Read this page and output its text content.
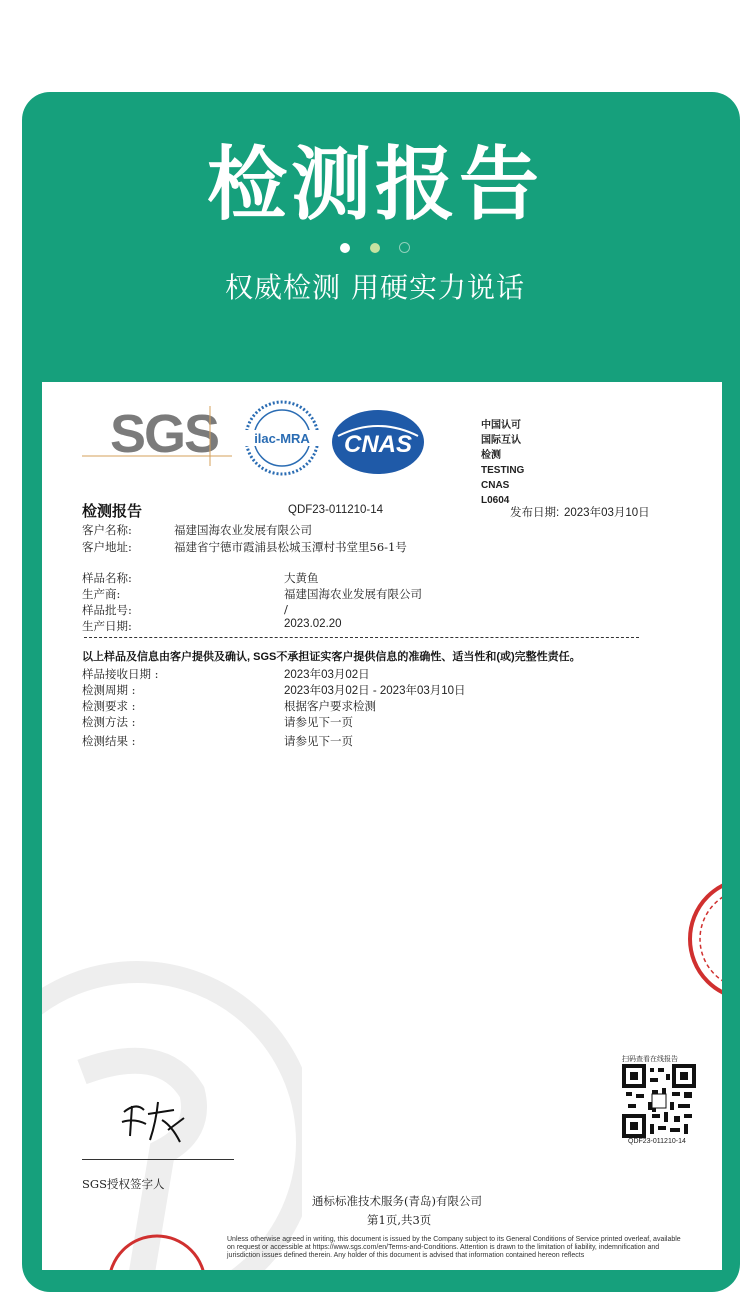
检测报告

权威检测 用硬实力说话
SGS	ilac-MRA CNAS
中国认可
国际互认
检测
TESTING
CNAS L0604
检测报告	QDF23-011210-14	发布日期: 2023年03月10日
客户名称:	福建国海农业发展有限公司
客户地址:	福建省宁德市霞浦县松城玉潭村书堂里56-1号
样品名称:	大黄鱼
生产商:	福建国海农业发展有限公司
样品批号:	/
生产日期:	2023.02.20
以上样品及信息由客户提供及确认, SGS不承担证实客户提供信息的准确性、适当性和(或)完整性责任。
样品接收日期 :	2023年03月02日
检测周期 :	2023年03月02日 - 2023年03月10日
检测要求 :	根据客户要求检测
检测方法 :	请参见下一页
检测结果 :	请参见下一页
扫码查看在线报告
QDF23-011210-14
SGS授权签字人
通标标准技术服务(青岛)有限公司
第1页,共3页
Unless otherwise agreed in writing, this document is issued by the Company subject to its General Conditions of Service printed overleaf, available on request or accessible at https://www.sgs.com/en/Terms-and-Conditions. Attention is drawn to the limitation of liability, indemnification and jurisdiction issues defined therein. Any holder of this document is advised that information contained hereon reflects
